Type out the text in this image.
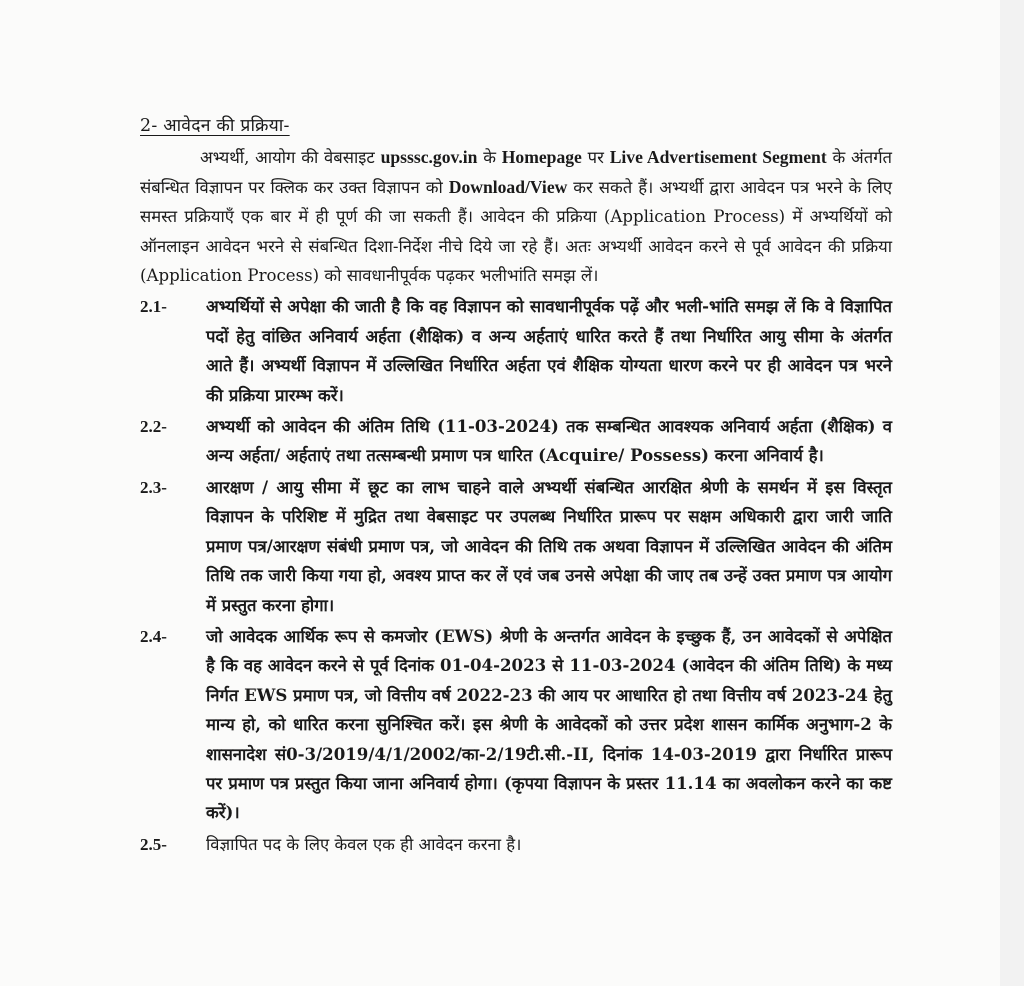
2- आवेदन की प्रक्रिया-

अभ्यर्थी, आयोग की वेबसाइट upsssc.gov.in के Homepage पर Live Advertisement Segment के अंतर्गत संबन्धित विज्ञापन पर क्लिक कर उक्त विज्ञापन को Download/View कर सकते हैं। अभ्यर्थी द्वारा आवेदन पत्र भरने के लिए समस्त प्रक्रियाएँ एक बार में ही पूर्ण की जा सकती हैं। आवेदन की प्रक्रिया (Application Process) में अभ्यर्थियों को ऑनलाइन आवेदन भरने से संबन्धित दिशा-निर्देश नीचे दिये जा रहे हैं। अतः अभ्यर्थी आवेदन करने से पूर्व आवेदन की प्रक्रिया (Application Process) को सावधानीपूर्वक पढ़कर भलीभांति समझ लें।

2.1-	अभ्यर्थियों से अपेक्षा की जाती है कि वह विज्ञापन को सावधानीपूर्वक पढ़ें और भली-भांति समझ लें कि वे विज्ञापित पदों हेतु वांछित अनिवार्य अर्हता (शैक्षिक) व अन्य अर्हताएं धारित करते हैं तथा निर्धारित आयु सीमा के अंतर्गत आते हैं। अभ्यर्थी विज्ञापन में उल्लिखित निर्धारित अर्हता एवं शैक्षिक योग्यता धारण करने पर ही आवेदन पत्र भरने की प्रक्रिया प्रारम्भ करें।
2.2-	अभ्यर्थी को आवेदन की अंतिम तिथि (11-03-2024) तक सम्बन्धित आवश्यक अनिवार्य अर्हता (शैक्षिक) व अन्य अर्हता/ अर्हताएं तथा तत्सम्बन्धी प्रमाण पत्र धारित (Acquire/ Possess) करना अनिवार्य है।
2.3-	आरक्षण / आयु सीमा में छूट का लाभ चाहने वाले अभ्यर्थी संबन्धित आरक्षित श्रेणी के समर्थन में इस विस्तृत विज्ञापन के परिशिष्ट में मुद्रित तथा वेबसाइट पर उपलब्ध निर्धारित प्रारूप पर सक्षम अधिकारी द्वारा जारी जाति प्रमाण पत्र/आरक्षण संबंधी प्रमाण पत्र, जो आवेदन की तिथि तक अथवा विज्ञापन में उल्लिखित आवेदन की अंतिम तिथि तक जारी किया गया हो, अवश्य प्राप्त कर लें एवं जब उनसे अपेक्षा की जाए तब उन्हें उक्त प्रमाण पत्र आयोग में प्रस्तुत करना होगा।
2.4-	जो आवेदक आर्थिक रूप से कमजोर (EWS) श्रेणी के अन्तर्गत आवेदन के इच्छुक हैं, उन आवेदकों से अपेक्षित है कि वह आवेदन करने से पूर्व दिनांक 01-04-2023 से 11-03-2024 (आवेदन की अंतिम तिथि) के मध्य निर्गत EWS प्रमाण पत्र, जो वित्तीय वर्ष 2022-23 की आय पर आधारित हो तथा वित्तीय वर्ष 2023-24 हेतु मान्य हो, को धारित करना सुनिश्चित करें। इस श्रेणी के आवेदकों को उत्तर प्रदेश शासन कार्मिक अनुभाग-2 के शासनादेश सं0-3/2019/4/1/2002/का-2/19टी.सी.-II, दिनांक 14-03-2019 द्वारा निर्धारित प्रारूप पर प्रमाण पत्र प्रस्तुत किया जाना अनिवार्य होगा। (कृपया विज्ञापन के प्रस्तर 11.14 का अवलोकन करने का कष्ट करें)।
2.5-	विज्ञापित पद के लिए केवल एक ही आवेदन करना है।
